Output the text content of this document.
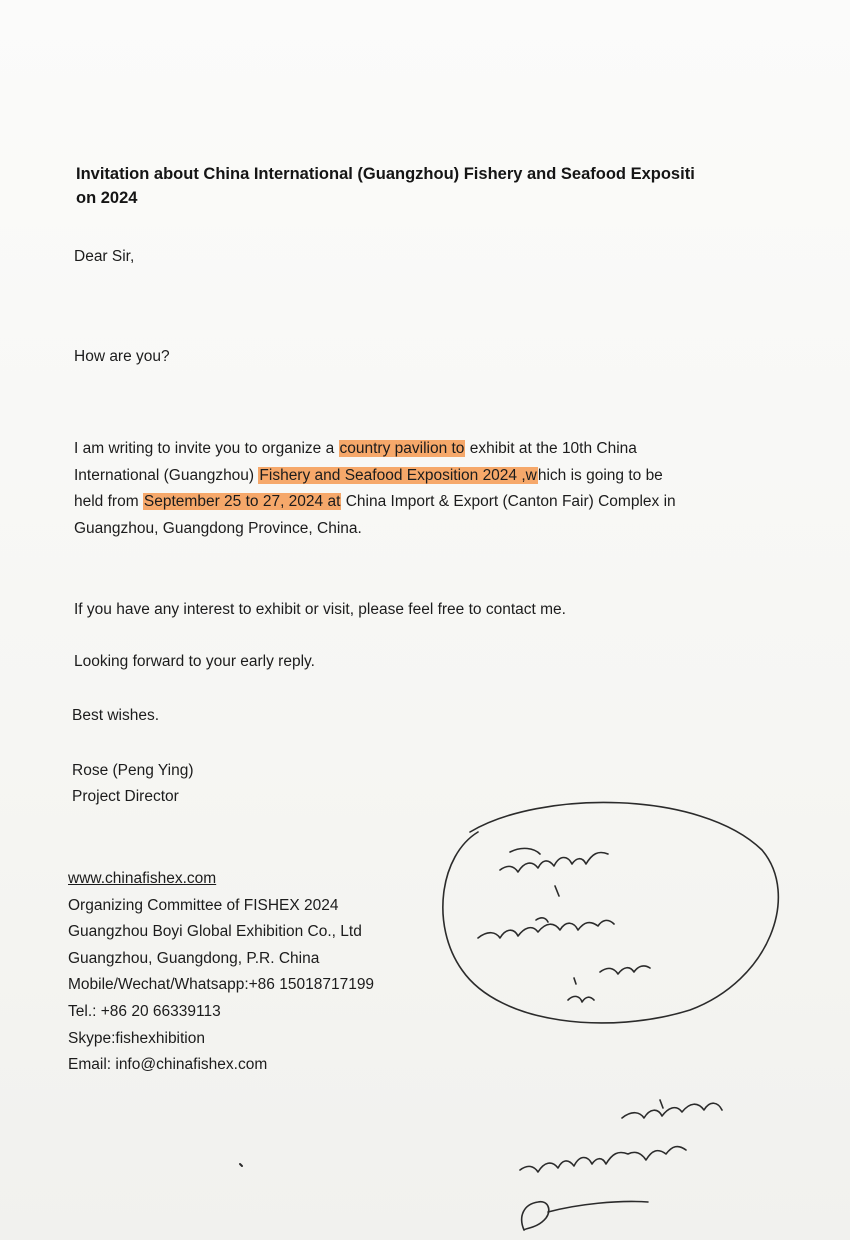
Invitation about China International (Guangzhou) Fishery and Seafood Expositi
on 2024
Dear Sir,
How are you?
I am writing to invite you to organize a country pavilion to exhibit at the 10th China
International (Guangzhou) Fishery and Seafood Exposition 2024 ,which is going to be
held from September 25 to 27, 2024 at China Import & Export (Canton Fair) Complex in
Guangzhou, Guangdong Province, China.
If you have any interest to exhibit or visit, please feel free to contact me.
Looking forward to your early reply.
Best wishes.
Rose (Peng Ying)
Project Director
www.chinafishex.com
Organizing Committee of FISHEX 2024
Guangzhou Boyi Global Exhibition Co., Ltd
Guangzhou, Guangdong, P.R. China
Mobile/Wechat/Whatsapp:+86 15018717199
Tel.: +86 20 66339113
Skype:fishexhibition
Email: info@chinafishex.com
